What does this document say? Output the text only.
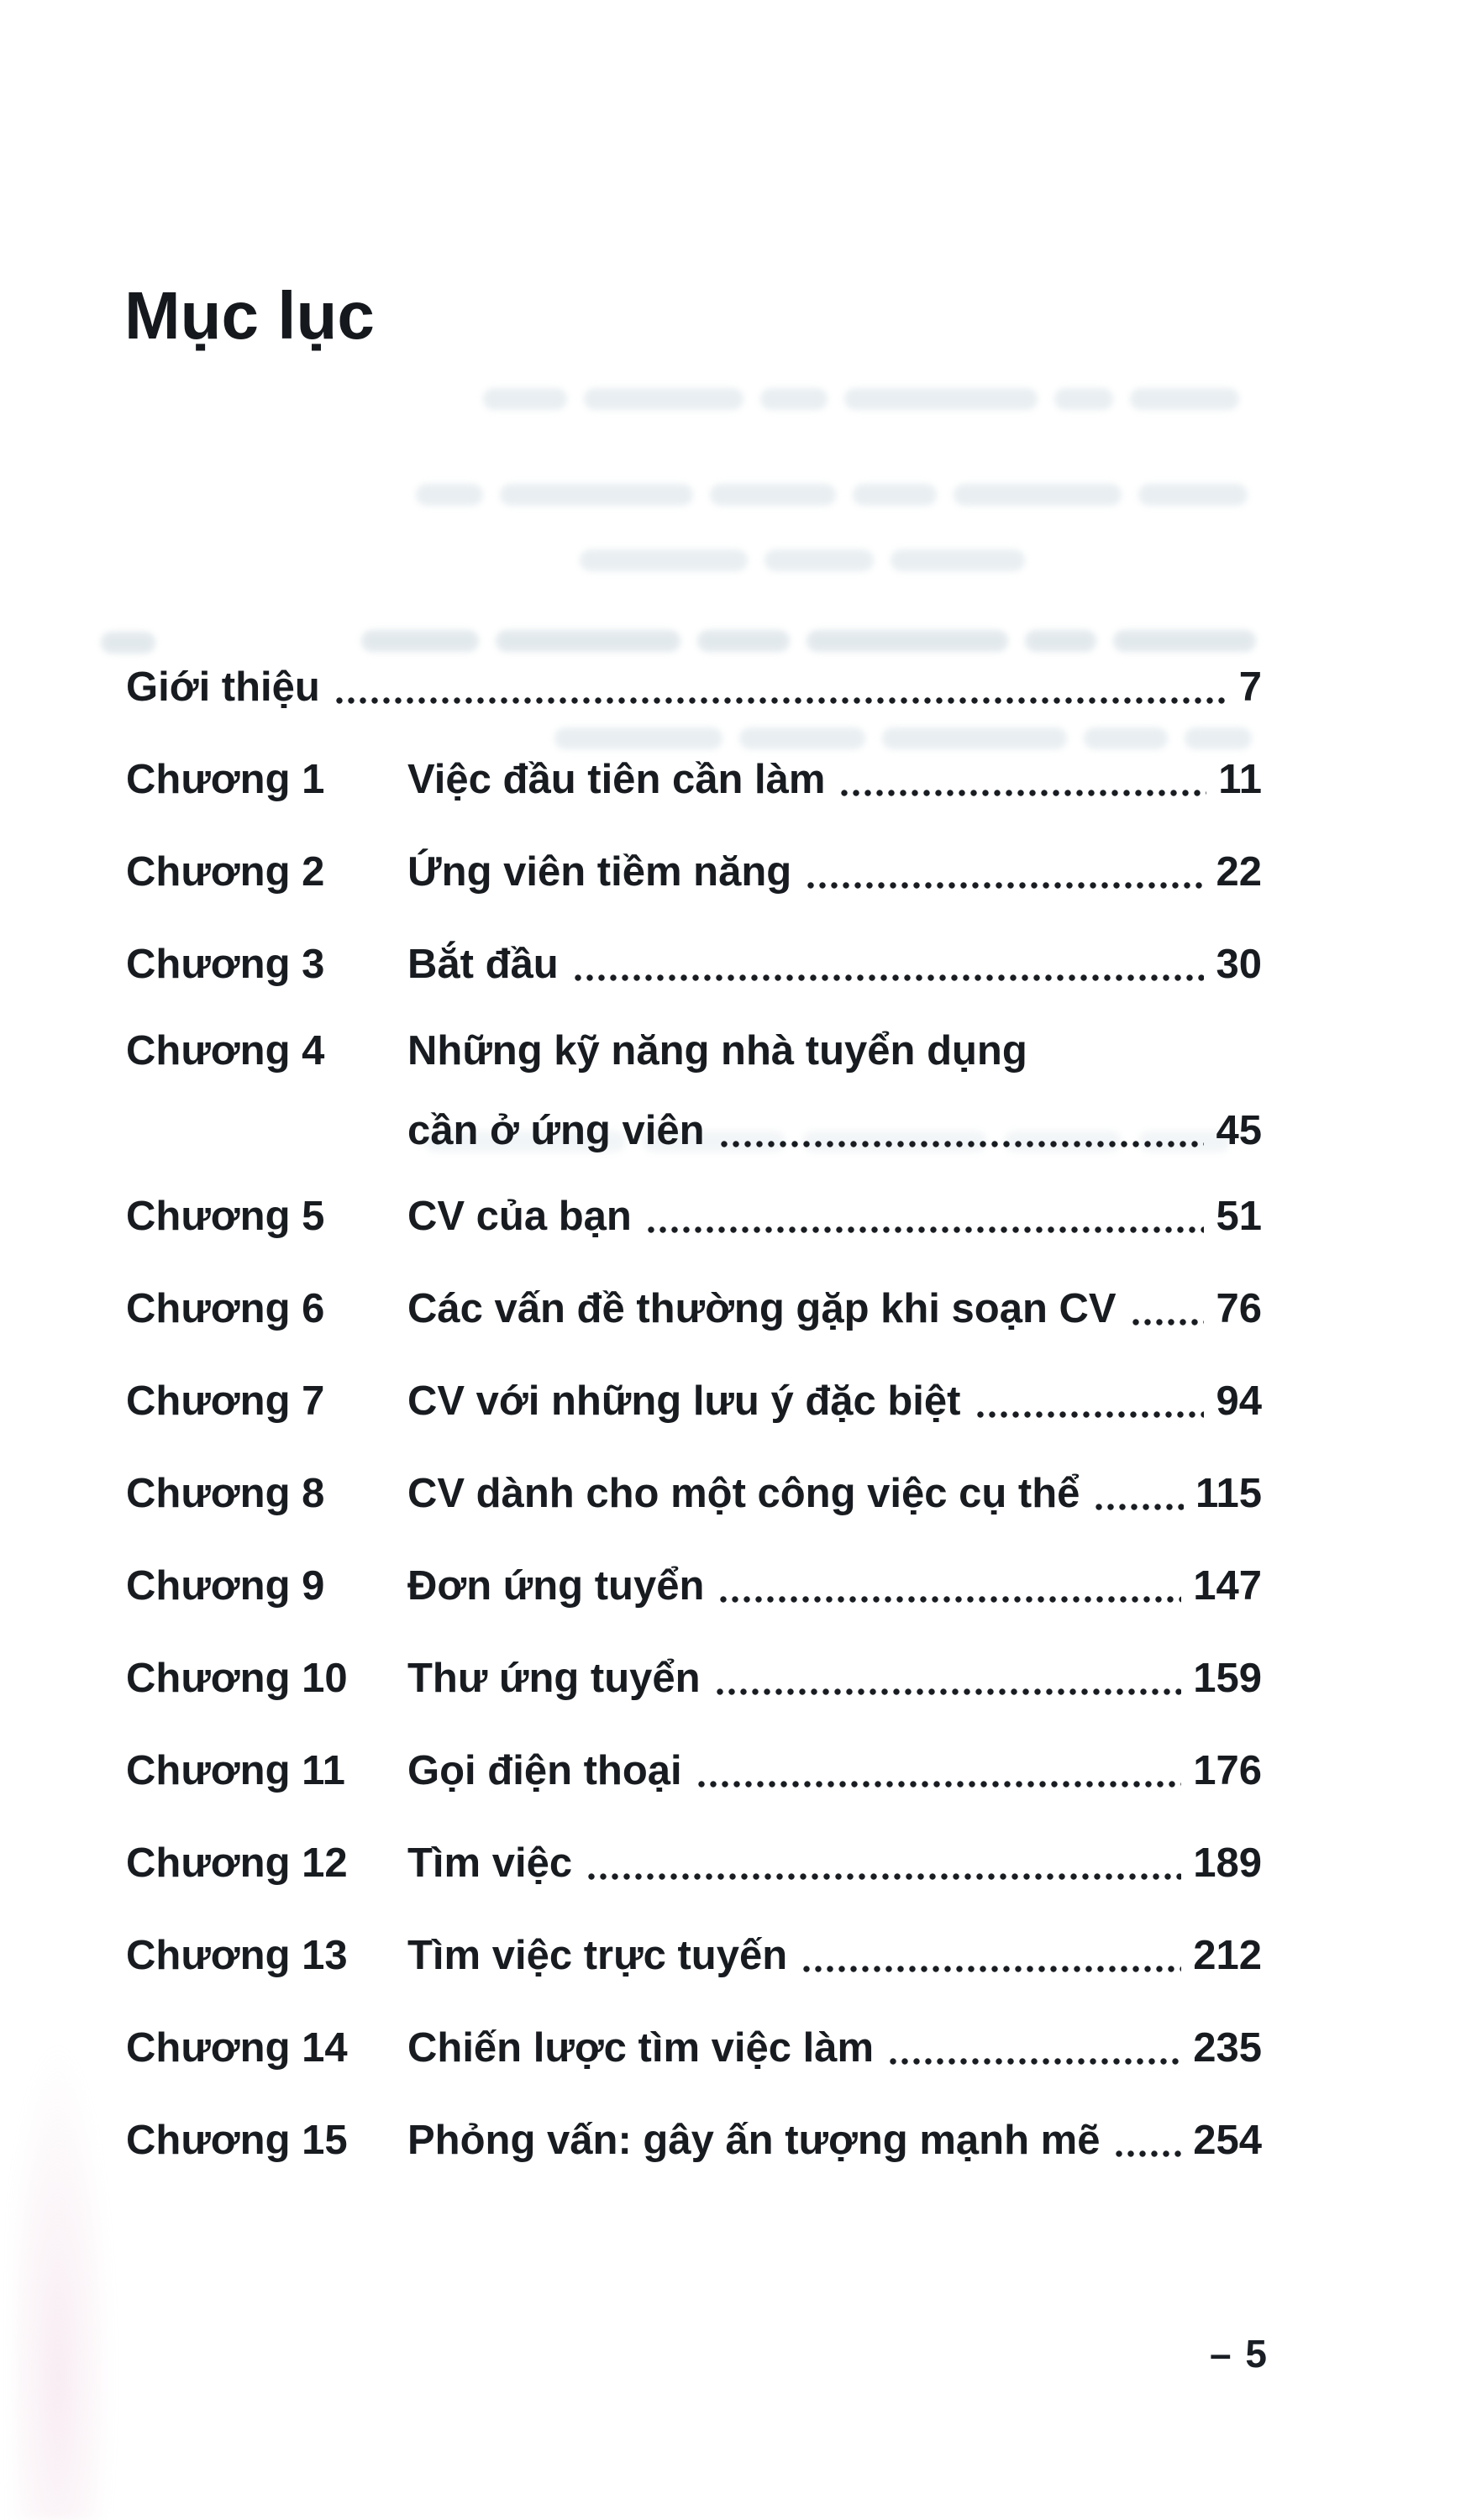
Mục lục
Giới thiệu	7
Chương 1	Việc đầu tiên cần làm	11
Chương 2	Ứng viên tiềm năng	22
Chương 3	Bắt đầu	30
Chương 4	Những kỹ năng nhà tuyển dụng
cần ở ứng viên	45
Chương 5	CV của bạn	51
Chương 6	Các vấn đề thường gặp khi soạn CV 76
Chương 7	CV với những lưu ý đặc biệt	94
Chương 8	CV dành cho một công việc cụ thể	115
Chương 9	Đơn ứng tuyển	147
Chương 10	Thư ứng tuyển	159
Chương 11	Gọi điện thoại	176
Chương 12	Tìm việc	189
Chương 13	Tìm việc trực tuyến	212
Chương 14	Chiến lược tìm việc làm	235
Chương 15	Phỏng vấn: gây ấn tượng mạnh mẽ 254
– 5
